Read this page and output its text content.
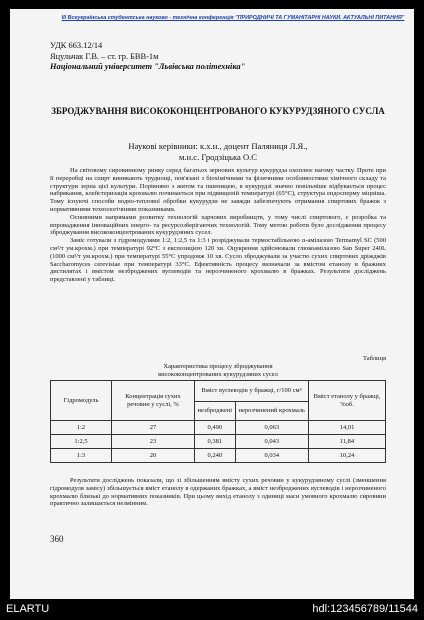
III Всеукраїнська студентська науково - технічна конференція "ПРИРОДНИЧІ ТА ГУМАНІТАРНІ НАУКИ. АКТУАЛЬНІ ПИТАННЯ"
УДК 663.12/14
Яцульчак Г.В. – ст. гр. БВВ-1м
Національний університет "Львівська політехніка"
ЗБРОДЖУВАННЯ ВИСОКОКОНЦЕНТРОВАНОГО КУКУРУДЗЯНОГО СУСЛА
Наукові керівники: к.х.н., доцент Паляниця Л.Я.,
м.н.с. Гродзіцька О.С

На світовому сировинному ринку серед багатьох зернових культур кукурудза охоплює вагому частку. Проте при її переробці на спирт виникають труднощі, пов'язані з біохімічними та фізичними особливостями хімічного складу та структури зерна цієї культури. Порівняно з житом та пшеницею, в кукурудзі значно повільніше відбувається процес набрякання, клейстеризація крохмалю починається при підвищеній температурі (65°С), структура ендосперму міцніша. Тому існуючі способи водно-теплової обробки кукурудзи не завжди забезпечують отримання спиртових бражок з нормативними технологічними показниками.

Основними напрямами розвитку технологій харчових виробництв, у тому числі спиртового, є розробка та впровадження інноваційних енерго- та ресурсозберігаючих технологій. Тому метою роботи було дослідження процесу зброджування висококонцентрованих кукурудзяних сусел.

Заміс готували з гідромодулями 1:2, 1:2,5 та 1:3 і розріджували термостабільною α-амілазою Termamyl SC (500 см³/т ум.крохм.) при температурі 92°С з експозицією 120 хв. Оцукрення здійснювали глюкоамілазою San Super 240L (1000 см³/т ум.крохм.) при температурі 55°С упродовж 10 хв. Сусло зброджували за участю сухих спиртових дріжджів Saccharomyces cerevisiae при температурі 33°С. Ефективність процесу визначали за вмістом етанолу в бражних дистилятах і вмістом незброджених вуглеводів та нерозчиненого крохмалю в бражках. Результати досліджень представлені у таблиці.

Таблиця
Характеристика процесу зброджування
висококонцентрованих кукурудзяних сусел
Гідромодуль	Концентрація сухих речовин у суслі, %	Вміст вуглеводів у бражці, г/100 см³		Вміст етанолу у бражці, %об.
		незброджені	нерозчинений крохмаль	
1:2	27	0,490	0,063	14,01
1:2,5	23	0,381	0,043	11,84
1:3	20	0,240	0,034	10,24

Результати досліджень показали, що зі збільшенням вмісту сухих речовин у кукурудзяному суслі (зменшення гідромодуля замісу) збільшується вміст етанолу в одержаних бражках, а вміст незброджених вуглеводів і нерозчиненого крохмалю близькі до нормативних показників. При цьому вихід етанолу з одиниці маси умовного крохмалю сировини практично залишається незмінним.

360
ELARTU	hdl:123456789/11544
